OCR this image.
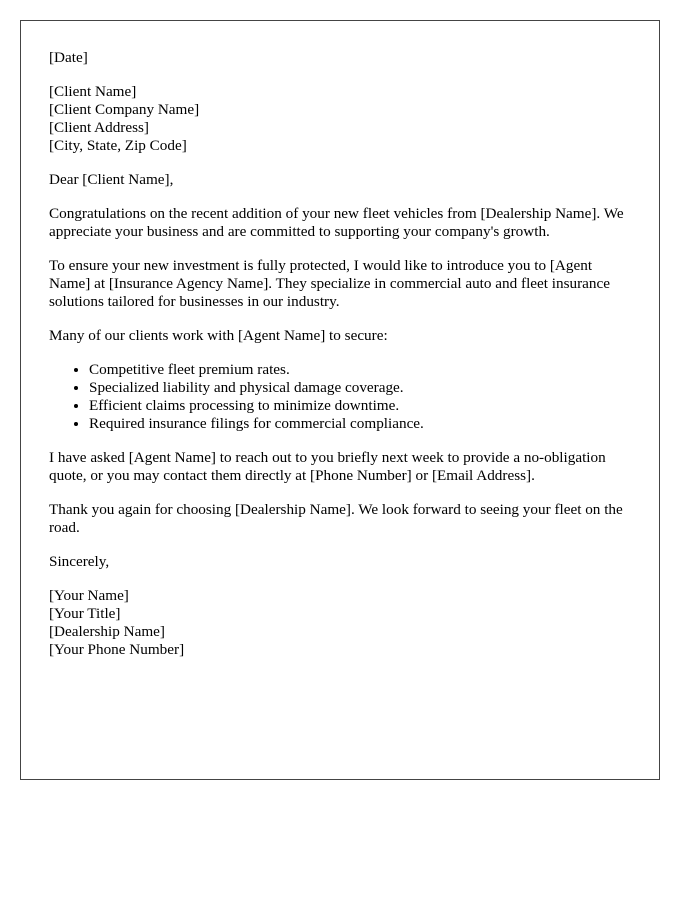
[Date]

[Client Name]
[Client Company Name]
[Client Address]
[City, State, Zip Code]

Dear [Client Name],

Congratulations on the recent addition of your new fleet vehicles from [Dealership Name]. We appreciate your business and are committed to supporting your company's growth.

To ensure your new investment is fully protected, I would like to introduce you to [Agent Name] at [Insurance Agency Name]. They specialize in commercial auto and fleet insurance solutions tailored for businesses in our industry.

Many of our clients work with [Agent Name] to secure:

• Competitive fleet premium rates.
• Specialized liability and physical damage coverage.
• Efficient claims processing to minimize downtime.
• Required insurance filings for commercial compliance.

I have asked [Agent Name] to reach out to you briefly next week to provide a no-obligation quote, or you may contact them directly at [Phone Number] or [Email Address].

Thank you again for choosing [Dealership Name]. We look forward to seeing your fleet on the road.

Sincerely,

[Your Name]
[Your Title]
[Dealership Name]
[Your Phone Number]
